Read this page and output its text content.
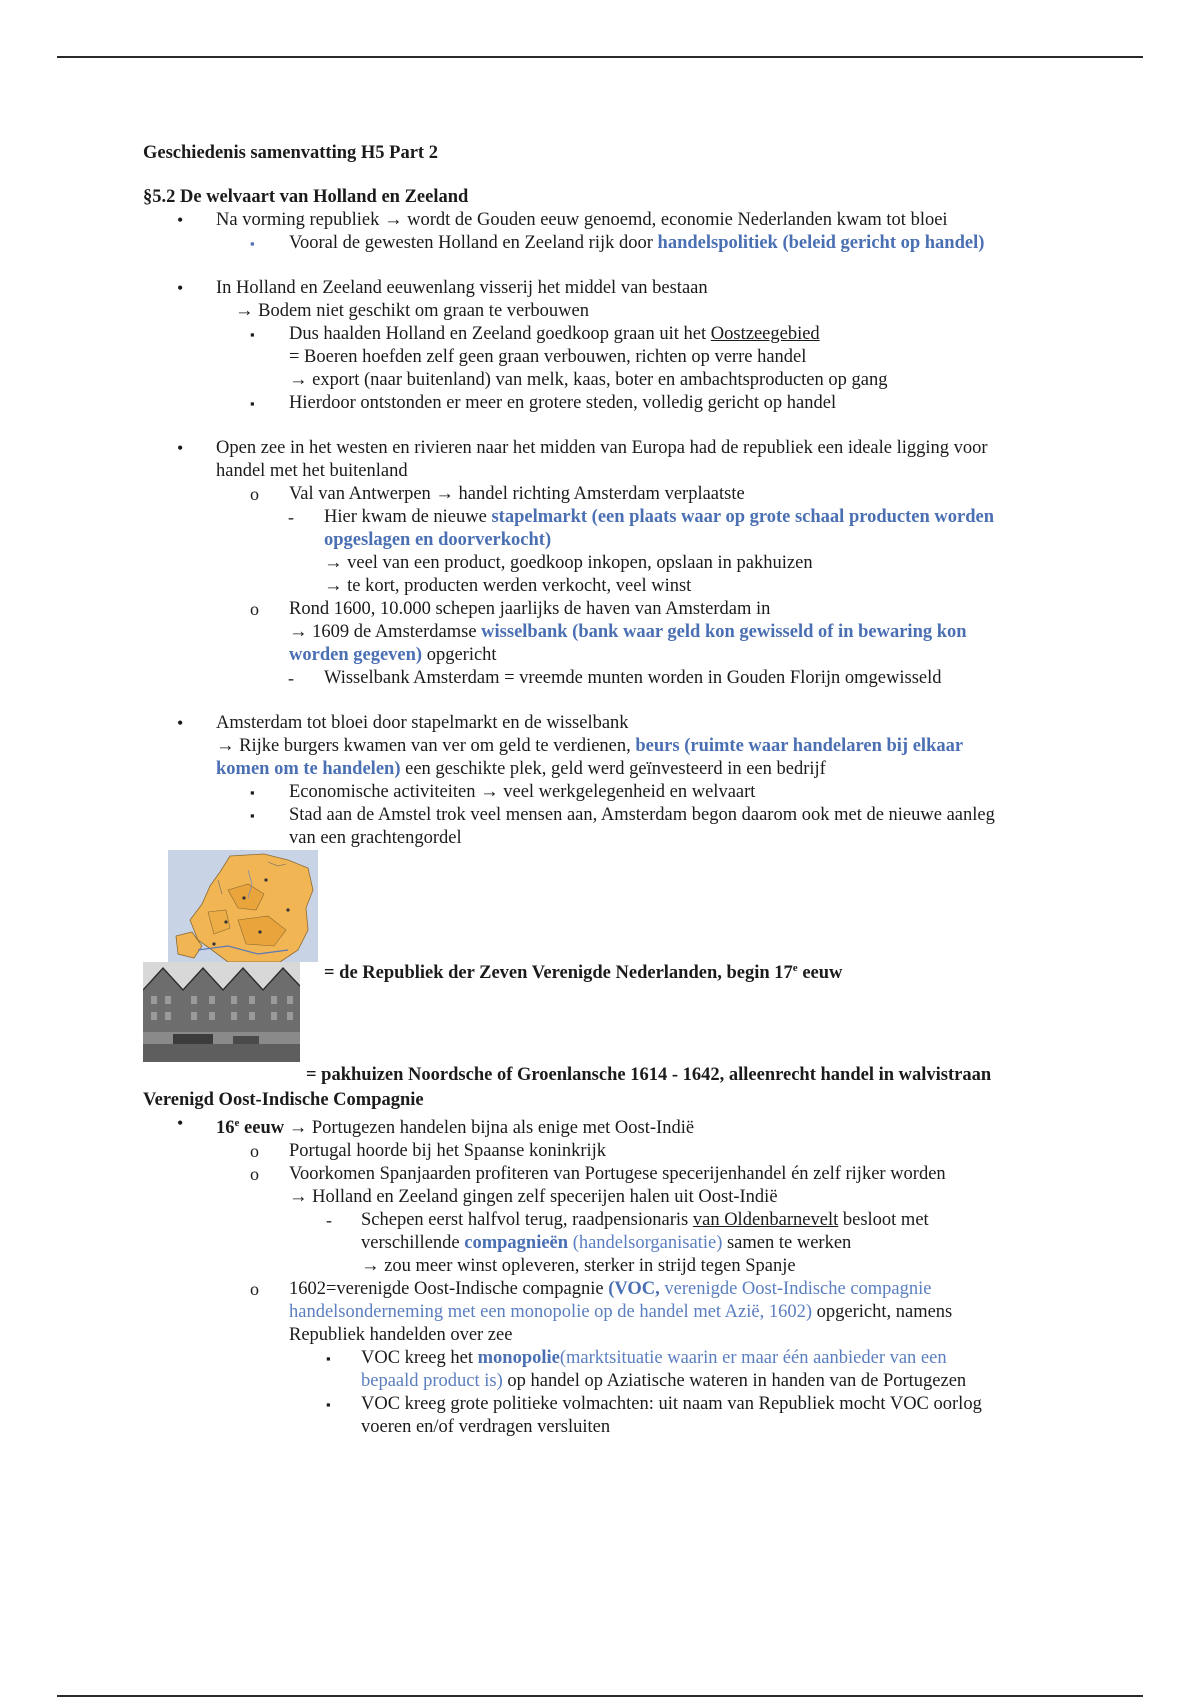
Geschiedenis samenvatting H5 Part 2

§5.2 De welvaart van Holland en Zeeland

• Na vorming republiek → wordt de Gouden eeuw genoemd, economie Nederlanden kwam tot bloei

▪ Vooral de gewesten Holland en Zeeland rijk door handelspolitiek (beleid gericht op handel)

• In Holland en Zeeland eeuwenlang visserij het middel van bestaan

→ Bodem niet geschikt om graan te verbouwen

▪ Dus haalden Holland en Zeeland goedkoop graan uit het Oostzeegebied

= Boeren hoefden zelf geen graan verbouwen, richten op verre handel

→ export (naar buitenland) van melk, kaas, boter en ambachtsproducten op gang

▪ Hierdoor ontstonden er meer en grotere steden, volledig gericht op handel

• Open zee in het westen en rivieren naar het midden van Europa had de republiek een ideale ligging voor

handel met het buitenland

o Val van Antwerpen → handel richting Amsterdam verplaatste

- Hier kwam de nieuwe stapelmarkt (een plaats waar op grote schaal producten worden

opgeslagen en doorverkocht)

→ veel van een product, goedkoop inkopen, opslaan in pakhuizen

→ te kort, producten werden verkocht, veel winst

o Rond 1600, 10.000 schepen jaarlijks de haven van Amsterdam in

→ 1609 de Amsterdamse wisselbank (bank waar geld kon gewisseld of in bewaring kon

worden gegeven) opgericht

- Wisselbank Amsterdam = vreemde munten worden in Gouden Florijn omgewisseld

• Amsterdam tot bloei door stapelmarkt en de wisselbank

→ Rijke burgers kwamen van ver om geld te verdienen, beurs (ruimte waar handelaren bij elkaar

komen om te handelen) een geschikte plek, geld werd geïnvesteerd in een bedrijf

▪ Economische activiteiten → veel werkgelegenheid en welvaart

▪ Stad aan de Amstel trok veel mensen aan, Amsterdam begon daarom ook met de nieuwe aanleg

van een grachtengordel

= de Republiek der Zeven Verenigde Nederlanden, begin 17e eeuw

= pakhuizen Noordsche of Groenlansche 1614 - 1642, alleenrecht handel in walvistraan

Verenigd Oost-Indische Compagnie

• 16e eeuw → Portugezen handelen bijna als enige met Oost-Indië

o Portugal hoorde bij het Spaanse koninkrijk

o Voorkomen Spanjaarden profiteren van Portugese specerijenhandel én zelf rijker worden

→ Holland en Zeeland gingen zelf specerijen halen uit Oost-Indië

- Schepen eerst halfvol terug, raadpensionaris van Oldenbarnevelt besloot met

verschillende compagnieën (handelsorganisatie) samen te werken

→ zou meer winst opleveren, sterker in strijd tegen Spanje

o 1602=verenigde Oost-Indische compagnie (VOC, verenigde Oost-Indische compagnie

handelsonderneming met een monopolie op de handel met Azië, 1602) opgericht, namens

Republiek handelden over zee

▪ VOC kreeg het monopolie(marktsituatie waarin er maar één aanbieder van een

bepaald product is) op handel op Aziatische wateren in handen van de Portugezen

▪ VOC kreeg grote politieke volmachten: uit naam van Republiek mocht VOC oorlog

voeren en/of verdragen versluiten
